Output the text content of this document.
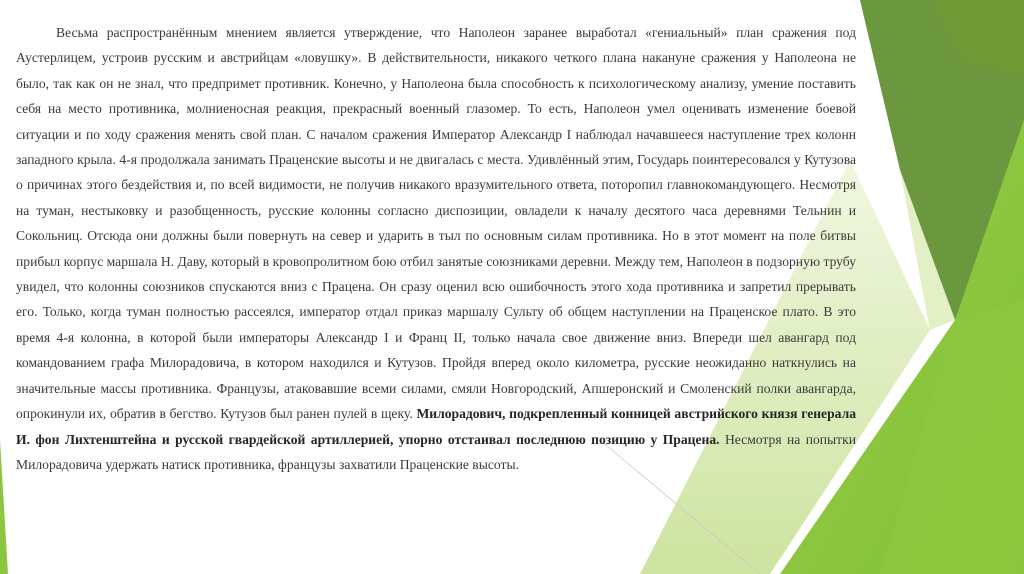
Весьма распространённым мнением является утверждение, что Наполеон заранее выработал «гениальный» план сражения под Аустерлицем, устроив русским и австрийцам «ловушку». В действительности, никакого четкого плана накануне сражения у Наполеона не было, так как он не знал, что предпримет противник. Конечно, у Наполеона была способность к психологическому анализу, умение поставить себя на место противника, молниеносная реакция, прекрасный военный глазомер. То есть, Наполеон умел оценивать изменение боевой ситуации и по ходу сражения менять свой план. С началом сражения Император Александр I наблюдал начавшееся наступление трех колонн западного крыла. 4-я продолжала занимать Праценские высоты и не двигалась с места. Удивлённый этим, Государь поинтересовался у Кутузова о причинах этого бездействия и, по всей видимости, не получив никакого вразумительного ответа, поторопил главнокомандующего. Несмотря на туман, нестыковку и разобщенность, русские колонны согласно диспозиции, овладели к началу десятого часа деревнями Тельнин и Сокольниц. Отсюда они должны были повернуть на север и ударить в тыл по основным силам противника. Но в этот момент на поле битвы прибыл корпус маршала Н. Даву, который в кровопролитном бою отбил занятые союзниками деревни. Между тем, Наполеон в подзорную трубу увидел, что колонны союзников спускаются вниз с Працена. Он сразу оценил всю ошибочность этого хода противника и запретил прерывать его. Только, когда туман полностью рассеялся, император отдал приказ маршалу Сульту об общем наступлении на Праценское плато. В это время 4-я колонна, в которой были императоры Александр I и Франц II, только начала свое движение вниз. Впереди шел авангард под командованием графа Милорадовича, в котором находился и Кутузов. Пройдя вперед около километра, русские неожиданно наткнулись на значительные массы противника. Французы, атаковавшие всеми силами, смяли Новгородский, Апшеронский и Смоленский полки авангарда, опрокинули их, обратив в бегство. Кутузов был ранен пулей в щеку. Милорадович, подкрепленный конницей австрийского князя генерала И. фон Лихтенштейна и русской гвардейской артиллерией, упорно отстаивал последнюю позицию у Працена. Несмотря на попытки Милорадовича удержать натиск противника, французы захватили Праценские высоты.
